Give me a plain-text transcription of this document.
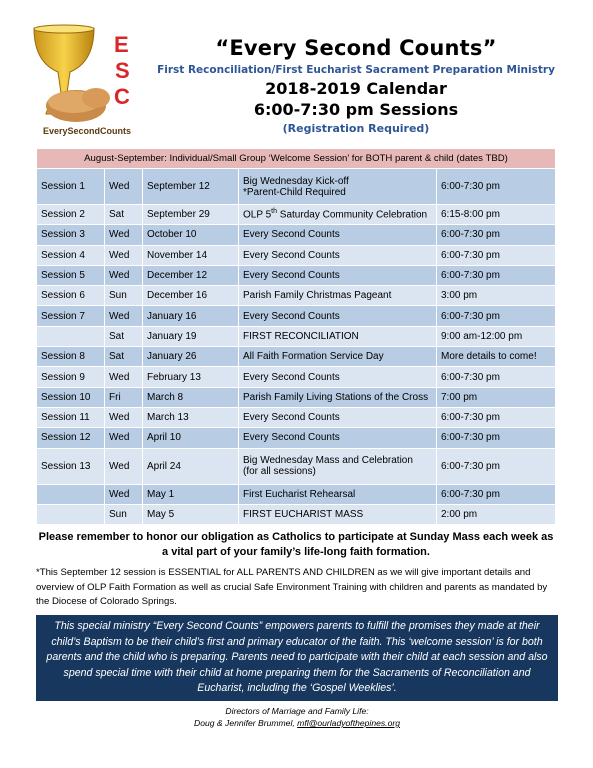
E
S
C
EverySecondCounts
“Every Second Counts”
First Reconciliation/First Eucharist Sacrament Preparation Ministry
2018-2019 Calendar
6:00-7:30 pm Sessions
(Registration Required)
August-September: Individual/Small Group ‘Welcome Session’ for BOTH parent & child (dates TBD)				
Session 1	Wed	September 12	Big Wednesday Kick-off
*Parent-Child Required	6:00-7:30 pm
Session 2	Sat	September 29	OLP 5th Saturday Community Celebration	6:15-8:00 pm
Session 3	Wed	October 10	Every Second Counts	6:00-7:30 pm
Session 4	Wed	November 14	Every Second Counts	6:00-7:30 pm
Session 5	Wed	December 12	Every Second Counts	6:00-7:30 pm
Session 6	Sun	December 16	Parish Family Christmas Pageant	3:00 pm
Session 7	Wed	January 16	Every Second Counts	6:00-7:30 pm
	Sat	January 19	FIRST RECONCILIATION	9:00 am-12:00 pm
Session 8	Sat	January 26	All Faith Formation Service Day	More details to come!
Session 9	Wed	February 13	Every Second Counts	6:00-7:30 pm
Session 10	Fri	March 8	Parish Family Living Stations of the Cross	7:00 pm
Session 11	Wed	March 13	Every Second Counts	6:00-7:30 pm
Session 12	Wed	April 10	Every Second Counts	6:00-7:30 pm
Session 13	Wed	April 24	Big Wednesday Mass and Celebration
(for all sessions)	6:00-7:30 pm
	Wed	May 1	First Eucharist Rehearsal	6:00-7:30 pm
	Sun	May 5	FIRST EUCHARIST MASS	2:00 pm
Please remember to honor our obligation as Catholics to participate at Sunday Mass each week as a vital part of your family’s life-long faith formation.
*This September 12 session is ESSENTIAL for ALL PARENTS AND CHILDREN as we will give important details and overview of OLP Faith Formation as well as crucial Safe Environment Training with children and parents as mandated by the Diocese of Colorado Springs.
This special ministry “Every Second Counts” empowers parents to fulfill the promises they made at their child’s Baptism to be their child’s first and primary educator of the faith. This ‘welcome session’ is for both parents and the child who is preparing. Parents need to participate with their child at each session and also spend special time with their child at home preparing them for the Sacraments of Reconciliation and Eucharist, including the ‘Gospel Weeklies’.
Directors of Marriage and Family Life:
Doug & Jennifer Brummel, mfl@ourladyofthepines.org
